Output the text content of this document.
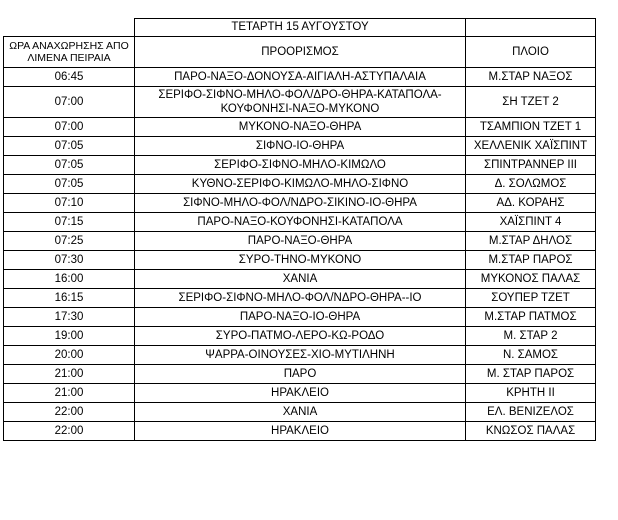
	ΤΕΤΑΡΤΗ 15 ΑΥΓΟΥΣΤΟΥ	
ΩΡΑ ΑΝΑΧΩΡΗΣΗΣ ΑΠΟ ΛΙΜΕΝΑ ΠΕΙΡΑΙΑ	ΠΡΟΟΡΙΣΜΟΣ	ΠΛΟΙΟ
06:45	ΠΑΡΟ-ΝΑΞΟ-ΔΟΝΟΥΣΑ-ΑΙΓΙΑΛΗ-ΑΣΤΥΠΑΛΑΙΑ	Μ.ΣΤΑΡ ΝΑΞΟΣ
07:00	ΣΕΡΙΦΟ-ΣΙΦΝΟ-ΜΗΛΟ-ΦΟΛ/ΔΡΟ-ΘΗΡΑ-ΚΑΤΑΠΟΛΑ-ΚΟΥΦΟΝΗΣΙ-ΝΑΞΟ-ΜΥΚΟΝΟ	ΣΗ ΤΖΕΤ 2
07:00	ΜΥΚΟΝΟ-ΝΑΞΟ-ΘΗΡΑ	ΤΣΑΜΠΙΟΝ ΤΖΕΤ 1
07:05	ΣΙΦΝΟ-ΙΟ-ΘΗΡΑ	ΧΕΛΛΕΝΙΚ ΧΑΪΣΠΙΝΤ
07:05	ΣΕΡΙΦΟ-ΣΙΦΝΟ-ΜΗΛΟ-ΚΙΜΩΛΟ	ΣΠΙΝΤΡΑΝΝΕΡ ΙΙΙ
07:05	ΚΥΘΝΟ-ΣΕΡΙΦΟ-ΚΙΜΩΛΟ-ΜΗΛΟ-ΣΙΦΝΟ	Δ. ΣΟΛΩΜΟΣ
07:10	ΣΙΦΝΟ-ΜΗΛΟ-ΦΟΛ/ΝΔΡΟ-ΣΙΚΙΝΟ-ΙΟ-ΘΗΡΑ	ΑΔ. ΚΟΡΑΗΣ
07:15	ΠΑΡΟ-ΝΑΞΟ-ΚΟΥΦΟΝΗΣΙ-ΚΑΤΑΠΟΛΑ	ΧΑΪΣΠΙΝΤ 4
07:25	ΠΑΡΟ-ΝΑΞΟ-ΘΗΡΑ	Μ.ΣΤΑΡ ΔΗΛΟΣ
07:30	ΣΥΡΟ-ΤΗΝΟ-ΜΥΚΟΝΟ	Μ.ΣΤΑΡ ΠΑΡΟΣ
16:00	ΧΑΝΙΑ	ΜΥΚΟΝΟΣ ΠΑΛΑΣ
16:15	ΣΕΡΙΦΟ-ΣΙΦΝΟ-ΜΗΛΟ-ΦΟΛ/ΝΔΡΟ-ΘΗΡΑ--ΙΟ	ΣΟΥΠΕΡ ΤΖΕΤ
17:30	ΠΑΡΟ-ΝΑΞΟ-ΙΟ-ΘΗΡΑ	Μ.ΣΤΑΡ ΠΑΤΜΟΣ
19:00	ΣΥΡΟ-ΠΑΤΜΟ-ΛΕΡΟ-ΚΩ-ΡΟΔΟ	Μ. ΣΤΑΡ 2
20:00	ΨΑΡΡΑ-ΟΙΝΟΥΣΕΣ-ΧΙΟ-ΜΥΤΙΛΗΝΗ	Ν. ΣΑΜΟΣ
21:00	ΠΑΡΟ	Μ. ΣΤΑΡ ΠΑΡΟΣ
21:00	ΗΡΑΚΛΕΙΟ	ΚΡΗΤΗ ΙΙ
22:00	ΧΑΝΙΑ	ΕΛ. ΒΕΝΙΖΕΛΟΣ
22:00	ΗΡΑΚΛΕΙΟ	ΚΝΩΣΟΣ ΠΑΛΑΣ
